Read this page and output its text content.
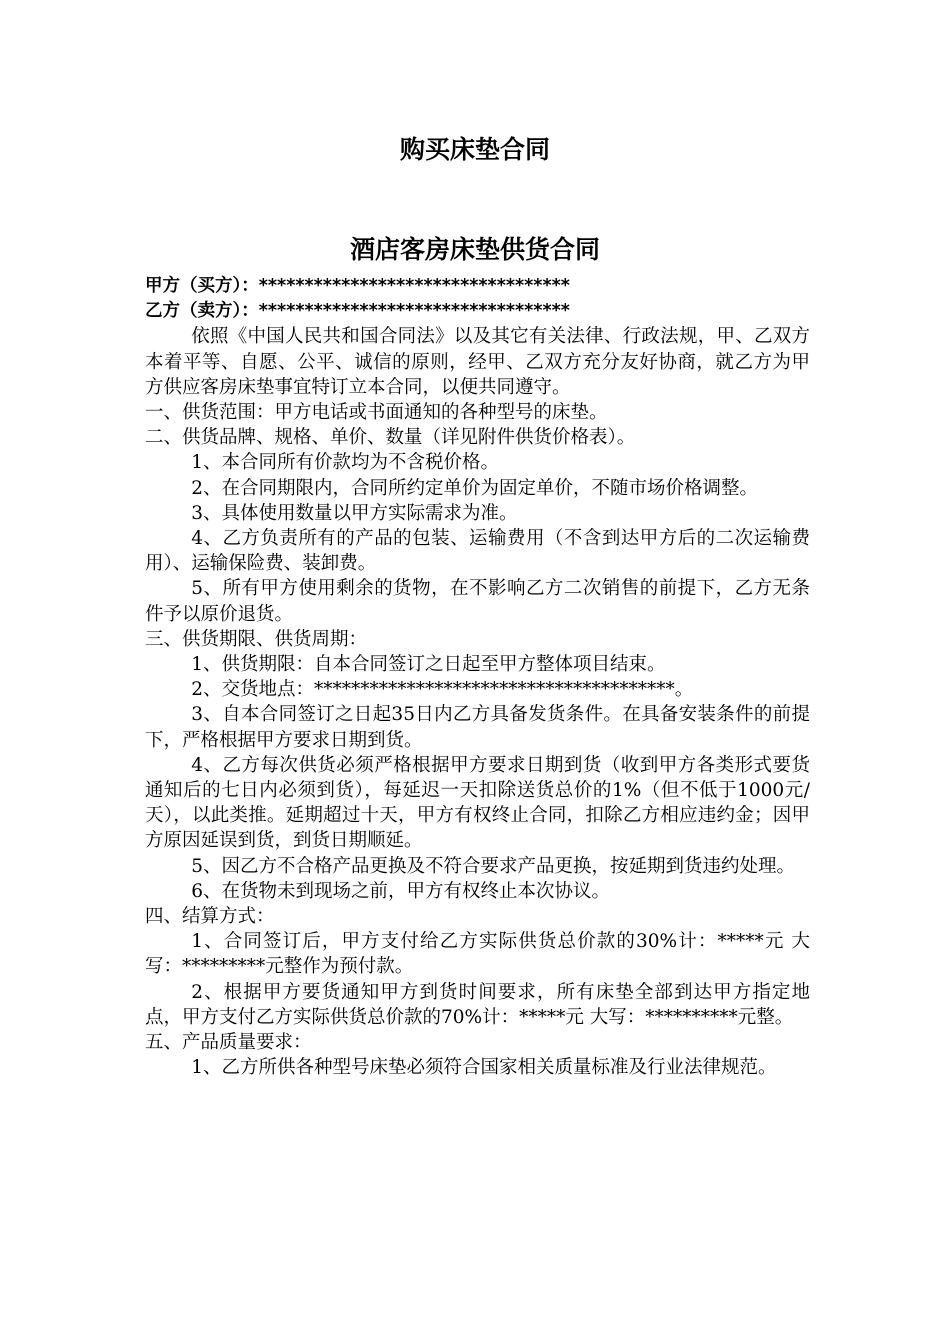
购买床垫合同
酒店客房床垫供货合同

甲方（买方）：**********************************

乙方（卖方）：**********************************

依照《中国人民共和国合同法》以及其它有关法律、行政法规，甲、乙双方本着平等、自愿、公平、诚信的原则，经甲、乙双方充分友好协商，就乙方为甲方供应客房床垫事宜特订立本合同，以便共同遵守。

一、供货范围：甲方电话或书面通知的各种型号的床垫。

二、供货品牌、规格、单价、数量（详见附件供货价格表）。

1、本合同所有价款均为不含税价格。

2、在合同期限内，合同所约定单价为固定单价，不随市场价格调整。

3、具体使用数量以甲方实际需求为准。

4、乙方负责所有的产品的包装、运输费用（不含到达甲方后的二次运输费用）、运输保险费、装卸费。

5、所有甲方使用剩余的货物，在不影响乙方二次销售的前提下，乙方无条件予以原价退货。

三、供货期限、供货周期：

1、供货期限：自本合同签订之日起至甲方整体项目结束。

2、交货地点：***************************************。

3、自本合同签订之日起35日内乙方具备发货条件。在具备安装条件的前提下，严格根据甲方要求日期到货。

4、乙方每次供货必须严格根据甲方要求日期到货（收到甲方各类形式要货通知后的七日内必须到货），每延迟一天扣除送货总价的1%（但不低于1000元/天），以此类推。延期超过十天，甲方有权终止合同，扣除乙方相应违约金；因甲方原因延误到货，到货日期顺延。

5、因乙方不合格产品更换及不符合要求产品更换，按延期到货违约处理。

6、在货物未到现场之前，甲方有权终止本次协议。

四、结算方式：

1、合同签订后，甲方支付给乙方实际供货总价款的30%计：*****元 大写：*********元整作为预付款。

2、根据甲方要货通知甲方到货时间要求，所有床垫全部到达甲方指定地点，甲方支付乙方实际供货总价款的70%计：*****元 大写：**********元整。

五、产品质量要求：

1、乙方所供各种型号床垫必须符合国家相关质量标准及行业法律规范。
